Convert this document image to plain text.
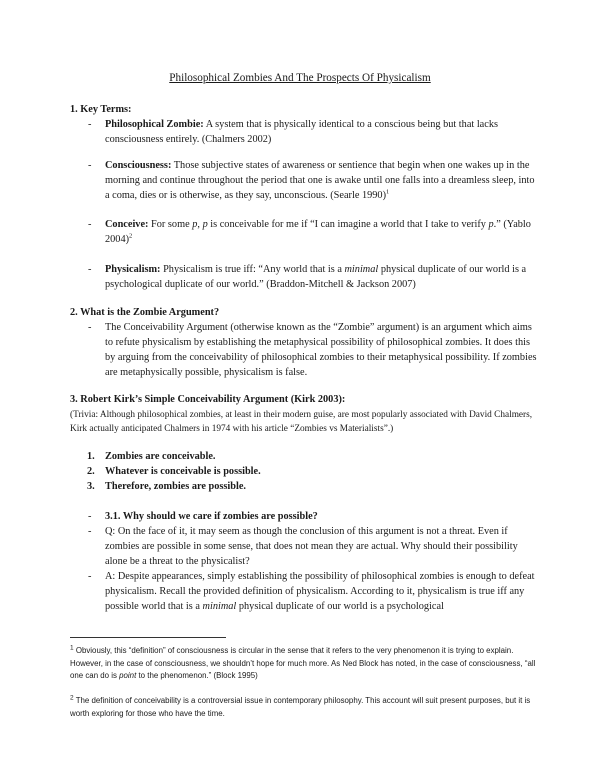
Philosophical Zombies And The Prospects Of Physicalism
1. Key Terms:
- Philosophical Zombie: A system that is physically identical to a conscious being but that lacks consciousness entirely. (Chalmers 2002)
- Consciousness: Those subjective states of awareness or sentience that begin when one wakes up in the morning and continue throughout the period that one is awake until one falls into a dreamless sleep, into a coma, dies or is otherwise, as they say, unconscious. (Searle 1990)$^1$
- Conceive: For some p, p is conceivable for me if “I can imagine a world that I take to verify p.” (Yablo 2004)$^2$
- Physicalism: Physicalism is true iff: “Any world that is a minimal physical duplicate of our world is a psychological duplicate of our world.” (Braddon-Mitchell & Jackson 2007)
2. What is the Zombie Argument?
- The Conceivability Argument (otherwise known as the “Zombie” argument) is an argument which aims to refute physicalism by establishing the metaphysical possibility of philosophical zombies. It does this by arguing from the conceivability of philosophical zombies to their metaphysical possibility. If zombies are metaphysically possible, physicalism is false.
3. Robert Kirk’s Simple Conceivability Argument (Kirk 2003):
(Trivia: Although philosophical zombies, at least in their modern guise, are most popularly associated with David Chalmers, Kirk actually anticipated Chalmers in 1974 with his article “Zombies vs Materialists”.)
1. Zombies are conceivable.
2. Whatever is conceivable is possible.
3. Therefore, zombies are possible.
- 3.1. Why should we care if zombies are possible?
- Q: On the face of it, it may seem as though the conclusion of this argument is not a threat. Even if zombies are possible in some sense, that does not mean they are actual. Why should their possibility alone be a threat to the physicalist?
- A: Despite appearances, simply establishing the possibility of philosophical zombies is enough to defeat physicalism. Recall the provided definition of physicalism. According to it, physicalism is true iff any possible world that is a minimal physical duplicate of our world is a psychological
$^1$ Obviously, this “definition” of consciousness is circular in the sense that it refers to the very phenomenon it is trying to explain. However, in the case of consciousness, we shouldn’t hope for much more. As Ned Block has noted, in the case of consciousness, “all one can do is point to the phenomenon.” (Block 1995)
$^2$ The definition of conceivability is a controversial issue in contemporary philosophy. This account will suit present purposes, but it is worth exploring for those who have the time.
